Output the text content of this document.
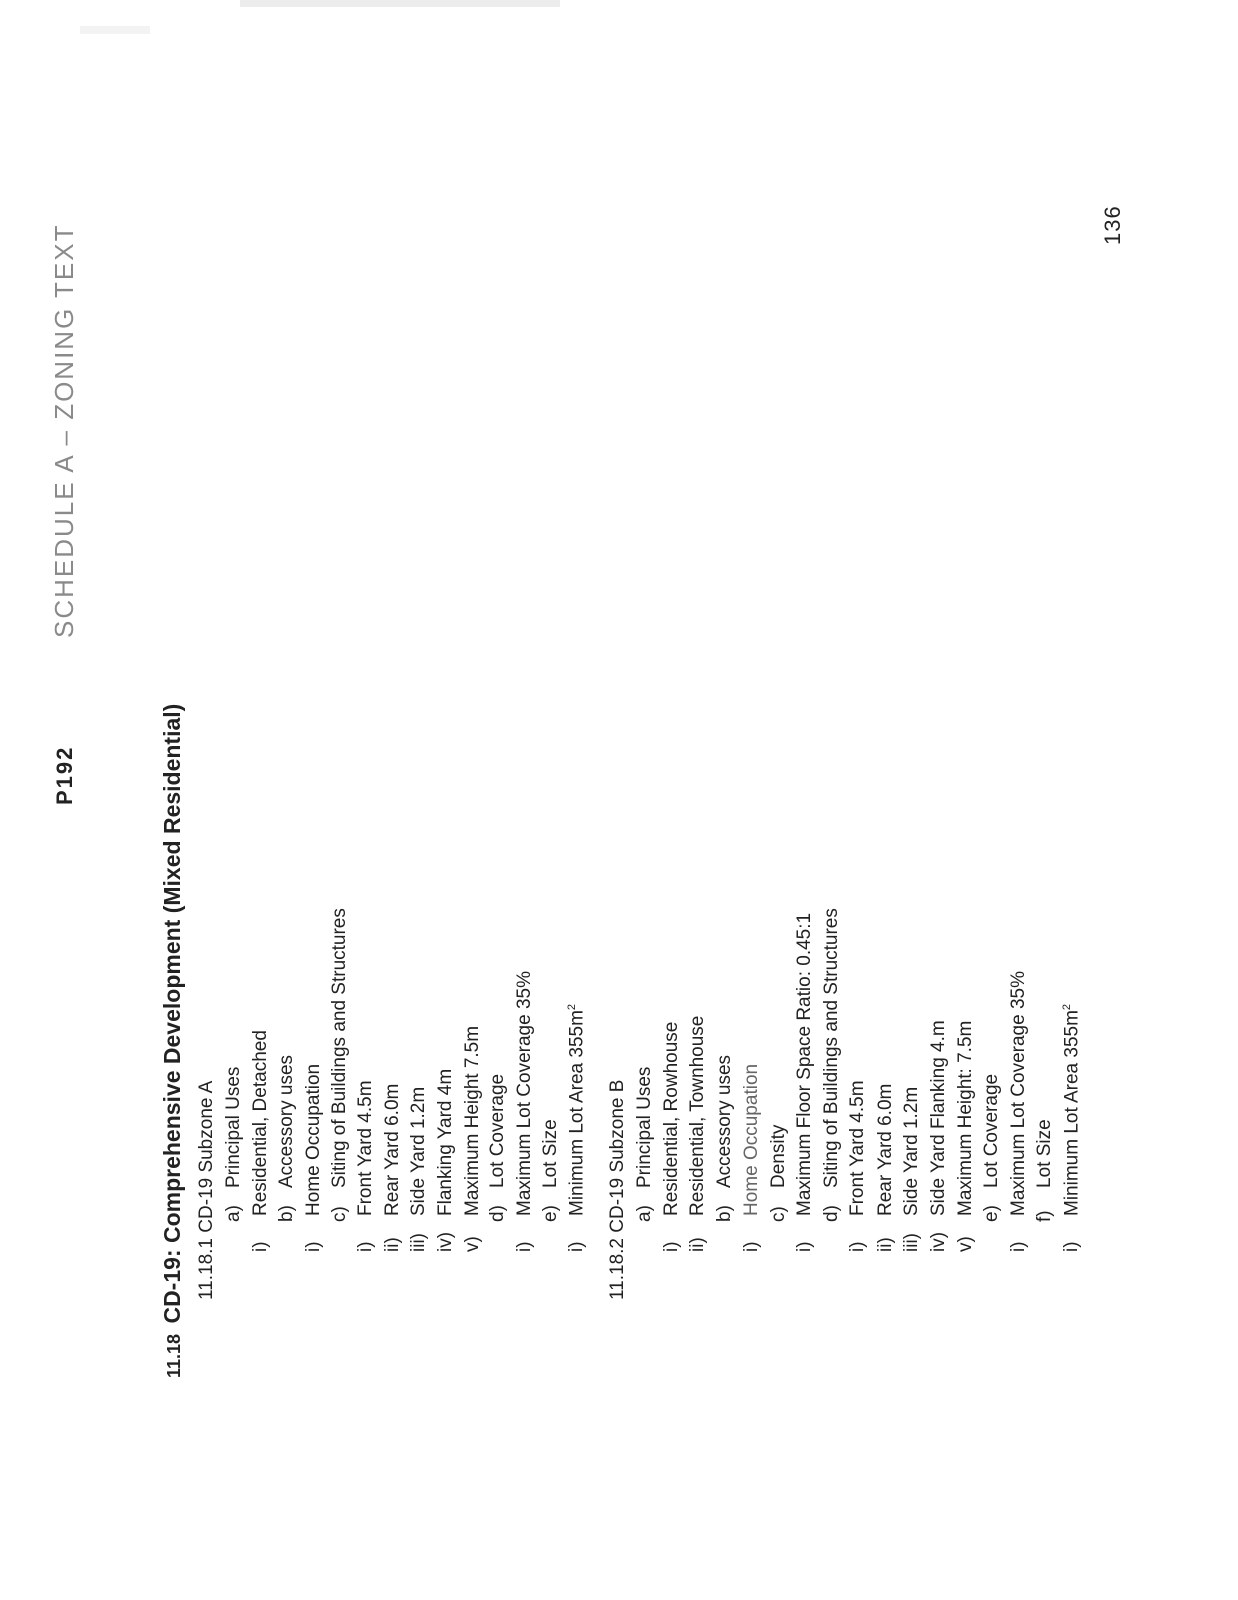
P192
SCHEDULE A – ZONING TEXT	136
11.18 CD-19: Comprehensive Development (Mixed Residential) 11.18.1 CD-19 Subzone A
11.18.2 CD-19 Subzone B
a)
Principal Uses
i)
Residential, Detached b)
Accessory uses
i)
Home Occupation c)
Siting of Buildings and Structures
i)
Front Yard 4.5m
ii)
Rear Yard 6.0m
iii)
Side Yard 1.2m
iv)
Flanking Yard 4m
v)
Maximum Height 7.5m d)
Lot Coverage
i)
Maximum Lot Coverage 35% e)
Lot Size
i)
Minimum Lot Area $355m^2$
a)
Principal Uses
i)
Residential, Rowhouse
ii)
Residential, Townhouse b)
Accessory uses
i)
Home Occupation c)
Density
i)
Maximum Floor Space Ratio: 0.45:1 d)
Siting of Buildings and Structures
i)
Front Yard 4.5m
ii)
Rear Yard 6.0m
iii)
Side Yard 1.2m
iv)
Side Yard Flanking 4.m
v)
Maximum Height: 7.5m e)
Lot Coverage
i)
Maximum Lot Coverage 35%
f)
Lot Size
i)
Minimum Lot Area $355m^2$
